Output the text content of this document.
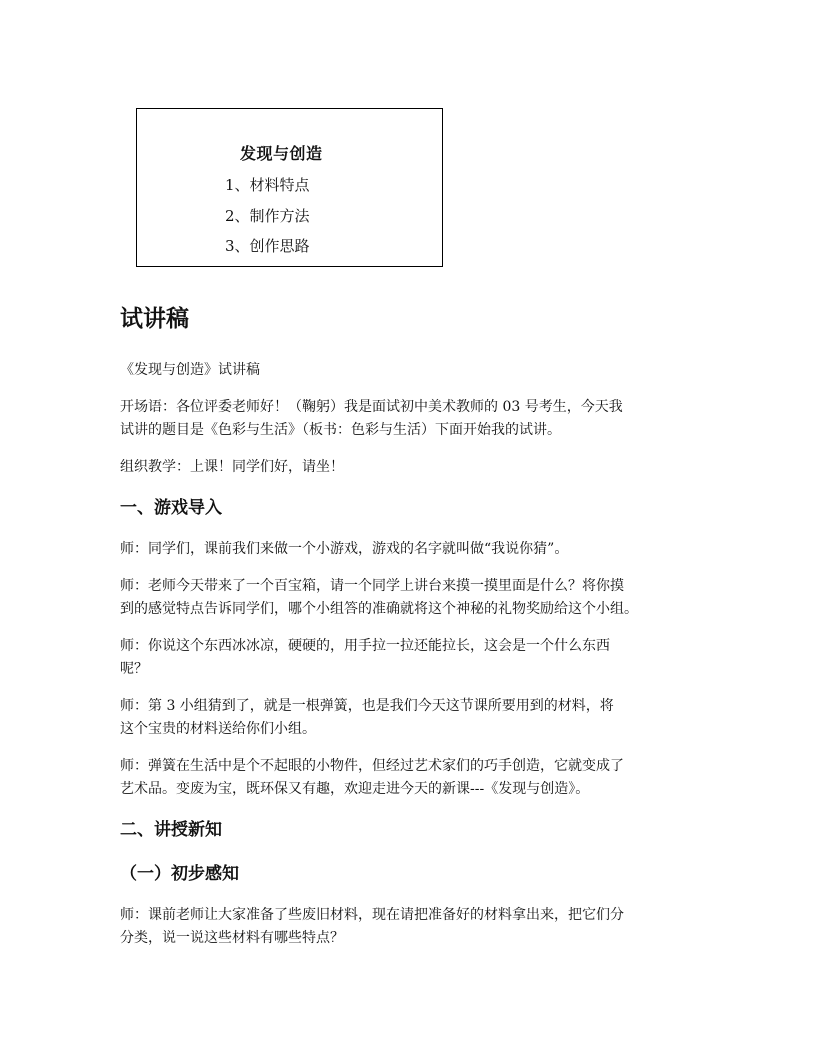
发现与创造
1、材料特点
2、制作方法
3、创作思路
试讲稿
《发现与创造》试讲稿
开场语：各位评委老师好！（鞠躬）我是面试初中美术教师的 03 号考生，今天我
试讲的题目是《色彩与生活》（板书：色彩与生活）下面开始我的试讲。
组织教学：上课！同学们好，请坐！
一、游戏导入
师：同学们，课前我们来做一个小游戏，游戏的名字就叫做“我说你猜”。
师：老师今天带来了一个百宝箱，请一个同学上讲台来摸一摸里面是什么？将你摸
到的感觉特点告诉同学们，哪个小组答的准确就将这个神秘的礼物奖励给这个小组。
师：你说这个东西冰冰凉，硬硬的，用手拉一拉还能拉长，这会是一个什么东西
呢？
师：第 3 小组猜到了，就是一根弹簧，也是我们今天这节课所要用到的材料，将
这个宝贵的材料送给你们小组。
师：弹簧在生活中是个不起眼的小物件，但经过艺术家们的巧手创造，它就变成了
艺术品。变废为宝，既环保又有趣，欢迎走进今天的新课---《发现与创造》。
二、讲授新知
（一）初步感知
师：课前老师让大家准备了些废旧材料，现在请把准备好的材料拿出来，把它们分
分类，说一说这些材料有哪些特点？
